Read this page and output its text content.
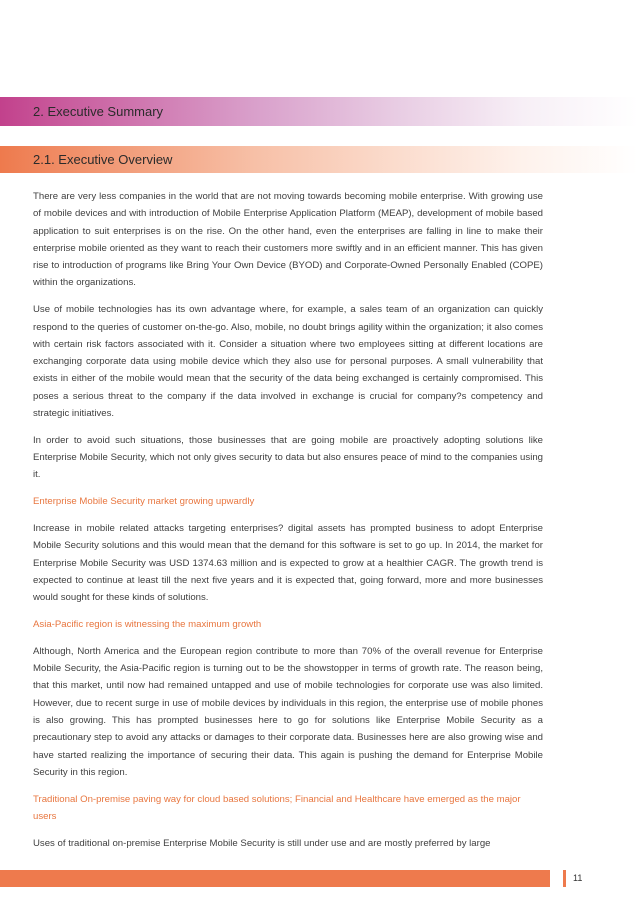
2. Executive Summary
2.1. Executive Overview

There are very less companies in the world that are not moving towards becoming mobile enterprise. With growing use of mobile devices and with introduction of Mobile Enterprise Application Platform (MEAP), development of mobile based application to suit enterprises is on the rise. On the other hand, even the enterprises are falling in line to make their enterprise mobile oriented as they want to reach their customers more swiftly and in an efficient manner. This has given rise to introduction of programs like Bring Your Own Device (BYOD) and Corporate-Owned Personally Enabled (COPE) within the organizations.

Use of mobile technologies has its own advantage where, for example, a sales team of an organization can quickly respond to the queries of customer on-the-go. Also, mobile, no doubt brings agility within the organization; it also comes with certain risk factors associated with it. Consider a situation where two employees sitting at different locations are exchanging corporate data using mobile device which they also use for personal purposes. A small vulnerability that exists in either of the mobile would mean that the security of the data being exchanged is certainly compromised. This poses a serious threat to the company if the data involved in exchange is crucial for company?s competency and strategic initiatives.

In order to avoid such situations, those businesses that are going mobile are proactively adopting solutions like Enterprise Mobile Security, which not only gives security to data but also ensures peace of mind to the companies using it.

Enterprise Mobile Security market growing upwardly

Increase in mobile related attacks targeting enterprises? digital assets has prompted business to adopt Enterprise Mobile Security solutions and this would mean that the demand for this software is set to go up. In 2014, the market for Enterprise Mobile Security was USD 1374.63 million and is expected to grow at a healthier CAGR. The growth trend is expected to continue at least till the next five years and it is expected that, going forward, more and more businesses would sought for these kinds of solutions.

Asia-Pacific region is witnessing the maximum growth

Although, North America and the European region contribute to more than 70% of the overall revenue for Enterprise Mobile Security, the Asia-Pacific region is turning out to be the showstopper in terms of growth rate. The reason being, that this market, until now had remained untapped and use of mobile technologies for corporate use was also limited. However, due to recent surge in use of mobile devices by individuals in this region, the enterprise use of mobile phones is also growing. This has prompted businesses here to go for solutions like Enterprise Mobile Security as a precautionary step to avoid any attacks or damages to their corporate data. Businesses here are also growing wise and have started realizing the importance of securing their data. This again is pushing the demand for Enterprise Mobile Security in this region.

Traditional On-premise paving way for cloud based solutions; Financial and Healthcare have emerged as the major users

Uses of traditional on-premise Enterprise Mobile Security is still under use and are mostly preferred by large

11
